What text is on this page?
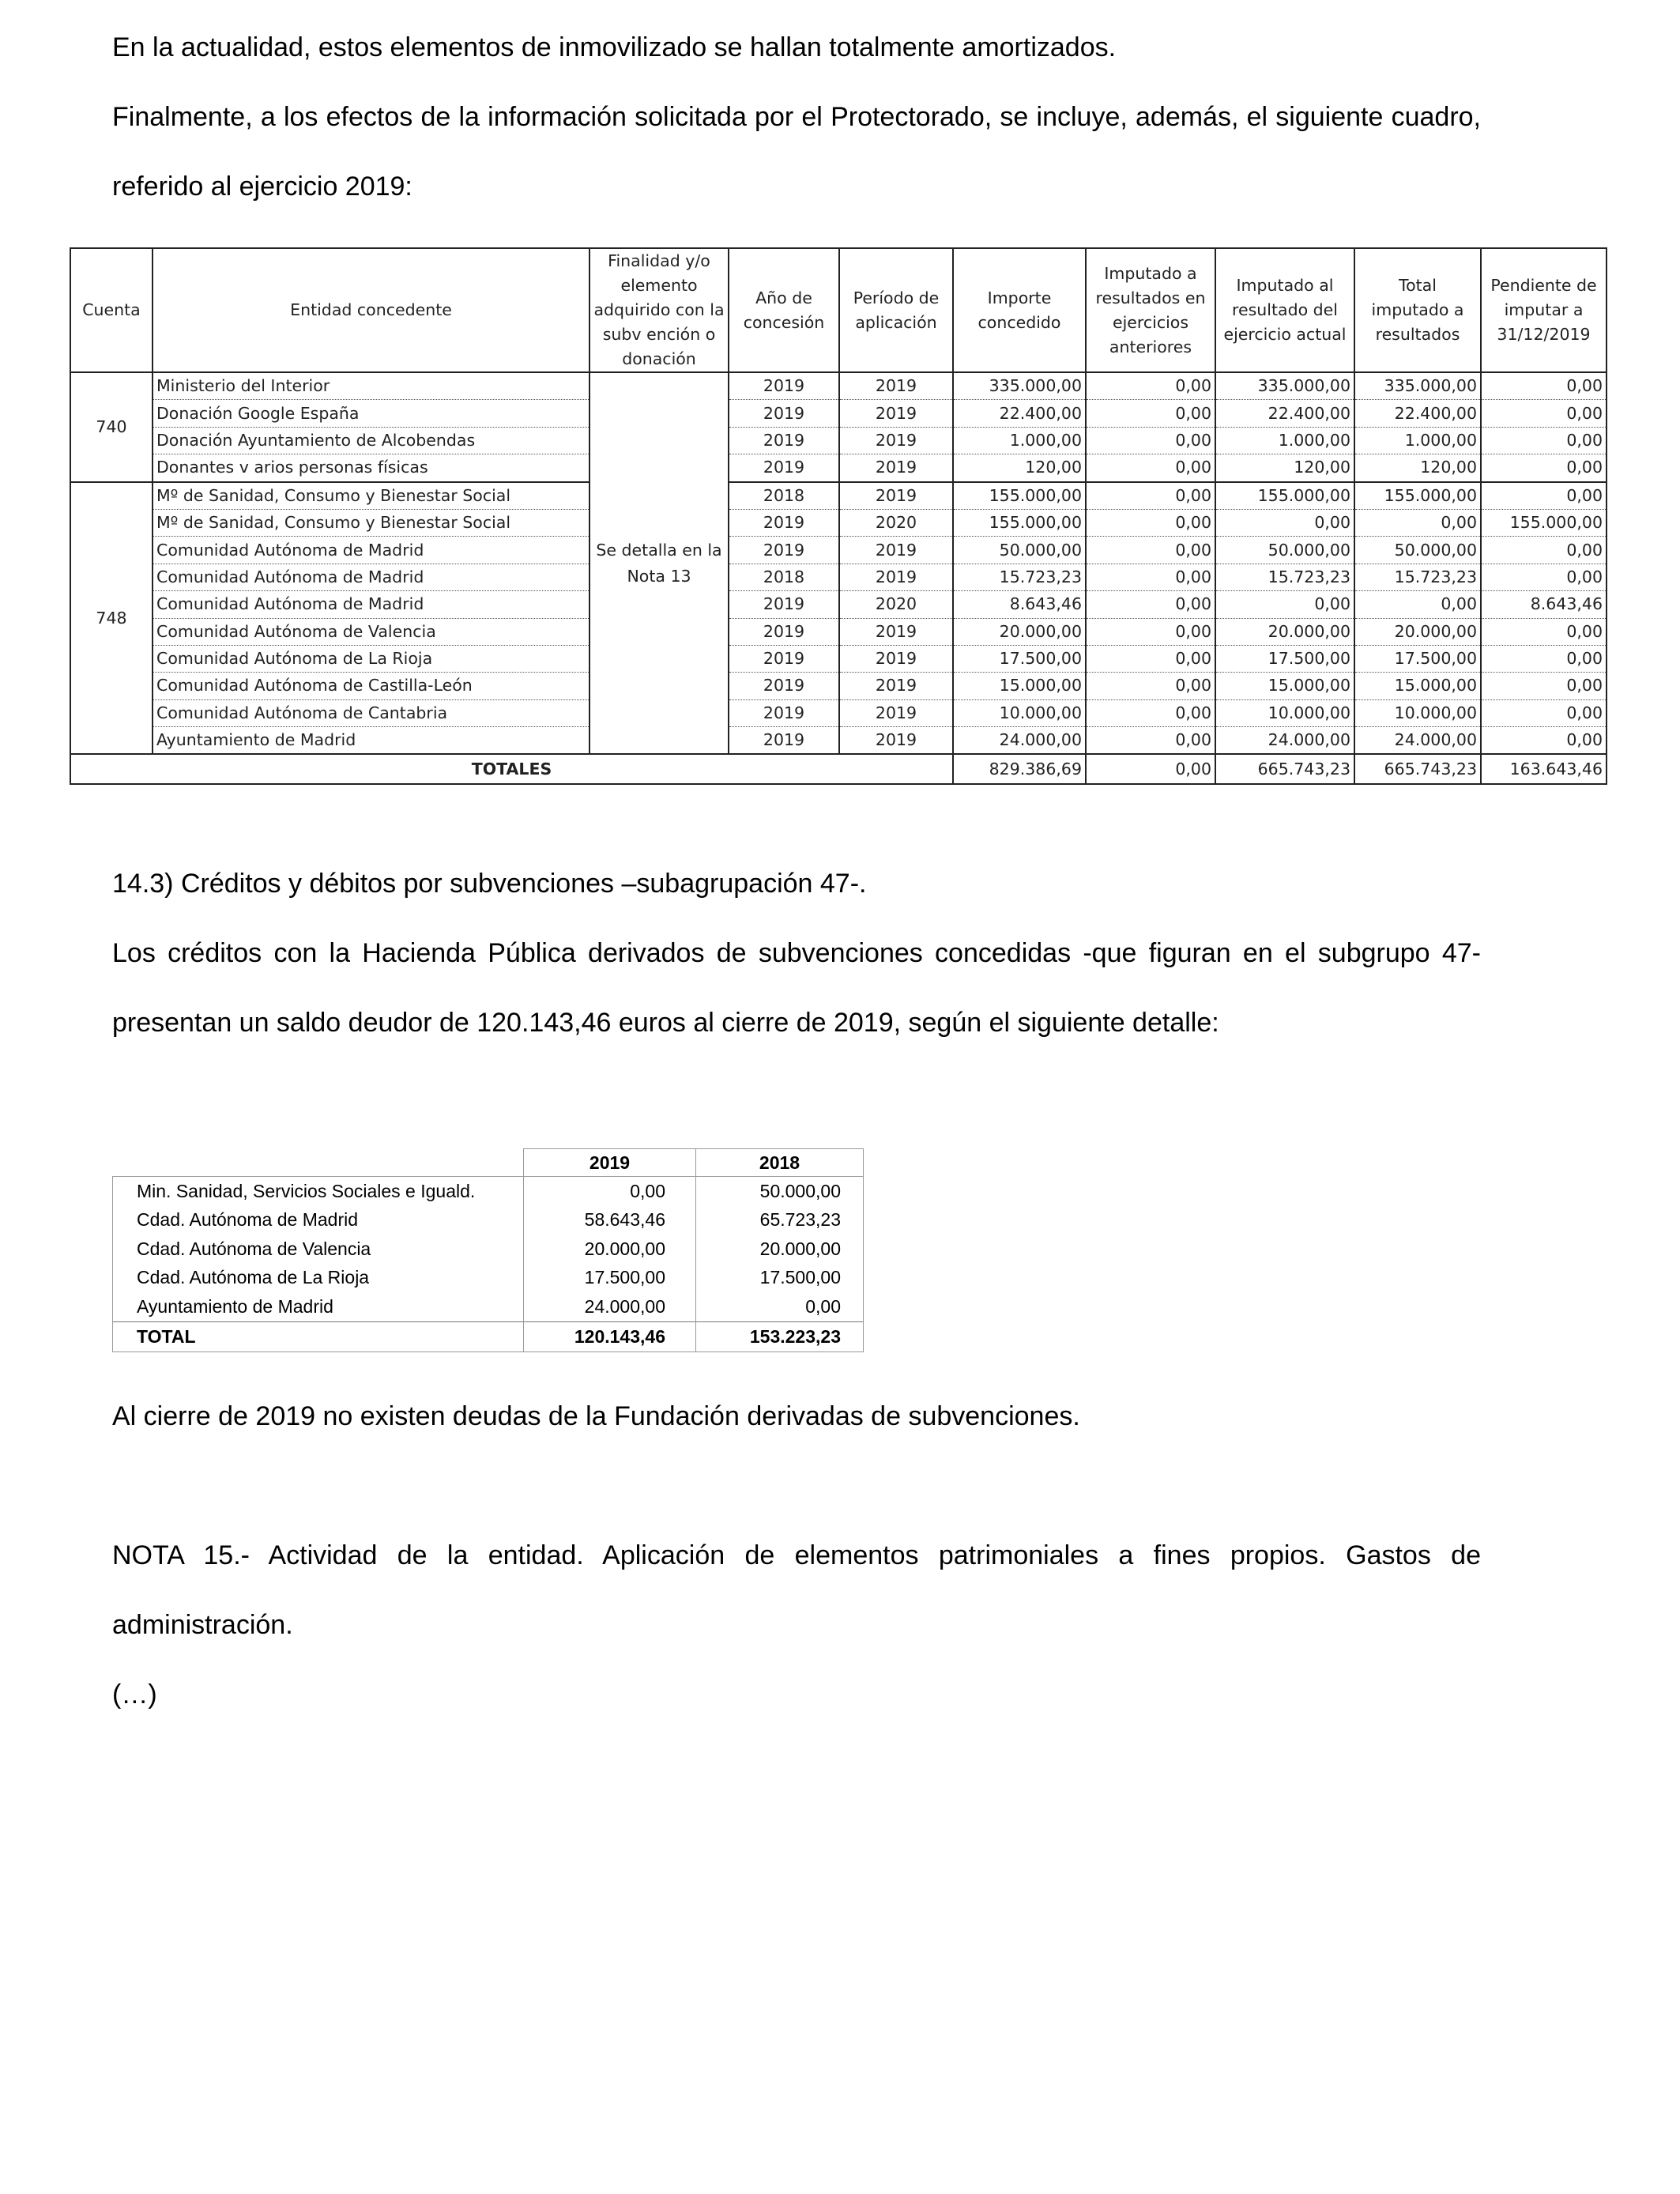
En la actualidad, estos elementos de inmovilizado se hallan totalmente amortizados.

Finalmente, a los efectos de la información solicitada por el Protectorado, se incluye, además, el siguiente cuadro, referido al ejercicio 2019:

Cuenta	Entidad concedente	Finalidad y/o elemento adquirido con la subv ención o donación	Año de concesión	Período de aplicación	Importe concedido	Imputado a resultados en ejercicios anteriores	Imputado al resultado del ejercicio actual	Total imputado a resultados	Pendiente de imputar a 31/12/2019
740	Ministerio del Interior	Se detalla en la Nota 13	2019	2019	335.000,00	0,00	335.000,00	335.000,00	0,00
	Donación Google España		2019	2019	22.400,00	0,00	22.400,00	22.400,00	0,00
	Donación Ayuntamiento de Alcobendas		2019	2019	1.000,00	0,00	1.000,00	1.000,00	0,00
	Donantes v arios personas físicas		2019	2019	120,00	0,00	120,00	120,00	0,00
748	Mº de Sanidad, Consumo y Bienestar Social		2018	2019	155.000,00	0,00	155.000,00	155.000,00	0,00
	Mº de Sanidad, Consumo y Bienestar Social		2019	2020	155.000,00	0,00	0,00	0,00	155.000,00
	Comunidad Autónoma de Madrid		2019	2019	50.000,00	0,00	50.000,00	50.000,00	0,00
	Comunidad Autónoma de Madrid		2018	2019	15.723,23	0,00	15.723,23	15.723,23	0,00
	Comunidad Autónoma de Madrid		2019	2020	8.643,46	0,00	0,00	0,00	8.643,46
	Comunidad Autónoma de Valencia		2019	2019	20.000,00	0,00	20.000,00	20.000,00	0,00
	Comunidad Autónoma de La Rioja		2019	2019	17.500,00	0,00	17.500,00	17.500,00	0,00
	Comunidad Autónoma de Castilla-León		2019	2019	15.000,00	0,00	15.000,00	15.000,00	0,00
	Comunidad Autónoma de Cantabria		2019	2019	10.000,00	0,00	10.000,00	10.000,00	0,00
	Ayuntamiento de Madrid		2019	2019	24.000,00	0,00	24.000,00	24.000,00	0,00
TOTALES					829.386,69	0,00	665.743,23	665.743,23	163.643,46

14.3) Créditos y débitos por subvenciones –subagrupación 47-.

Los créditos con la Hacienda Pública derivados de subvenciones concedidas -que figuran en el subgrupo 47- presentan un saldo deudor de 120.143,46 euros al cierre de 2019, según el siguiente detalle:

	2019	2018
Min. Sanidad, Servicios Sociales e Iguald.	0,00	50.000,00
Cdad. Autónoma de Madrid	58.643,46	65.723,23
Cdad. Autónoma de Valencia	20.000,00	20.000,00
Cdad. Autónoma de La Rioja	17.500,00	17.500,00
Ayuntamiento de Madrid	24.000,00	0,00
TOTAL	120.143,46	153.223,23

Al cierre de 2019 no existen deudas de la Fundación derivadas de subvenciones.

NOTA 15.- Actividad de la entidad. Aplicación de elementos patrimoniales a fines propios. Gastos de administración.

(…)
